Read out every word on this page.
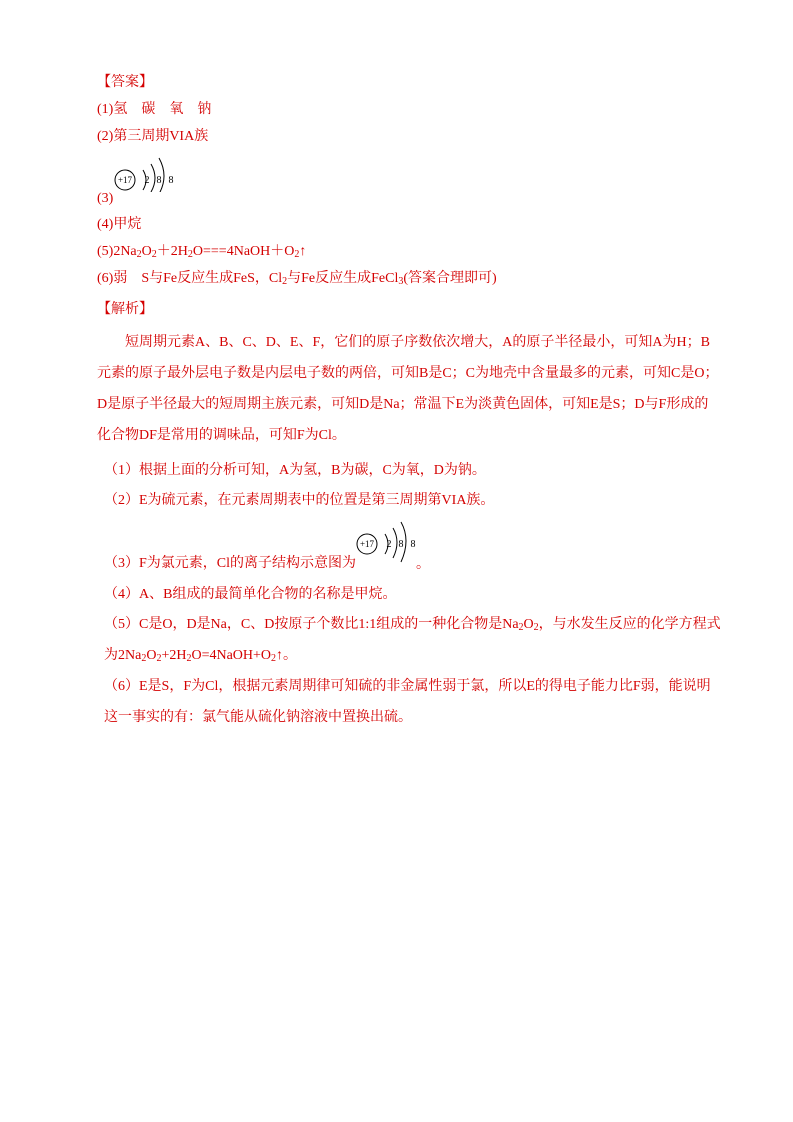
【答案】
(1)氢　碳　氧　钠
(2)第三周期VIA族
+17 2 8 8
(3)
(4)甲烷
$(5)2Na_2O_2+2H_2O===4NaOH+O_2↑$
(6)弱　S与Fe反应生成FeS，$Cl_2$与Fe反应生成FeCl$_3$(答案合理即可)
【解析】
短周期元素A、B、C、D、E、F，它们的原子序数依次增大，A的原子半径最小，可知A为H；B元素的原子最外层电子数是内层电子数的两倍，可知B是C；C为地壳中含量最多的元素，可知C是O；D是原子半径最大的短周期主族元素，可知D是Na；常温下E为淡黄色固体，可知E是S；D与F形成的化合物DF是常用的调味品，可知F为Cl。
（1）根据上面的分析可知，A为氢，B为碳，C为氧，D为钠。
（2）E为硫元素，在元素周期表中的位置是第三周期第VIA族。
（3）F为氯元素，Cl的离子结构示意图为
+17 2 8 8
。
（4）A、B组成的最简单化合物的名称是甲烷。
（5）C是O，D是Na，C、D按原子个数比1:1组成的一种化合物是$Na_2O_2$，与水发生反应的化学方程式为$2Na_2O_2+2H_2O=4NaOH+O_2↑$。
（6）E是S，F为Cl，根据元素周期律可知硫的非金属性弱于氯，所以E的得电子能力比F弱，能说明这一事实的有：氯气能从硫化钠溶液中置换出硫。
